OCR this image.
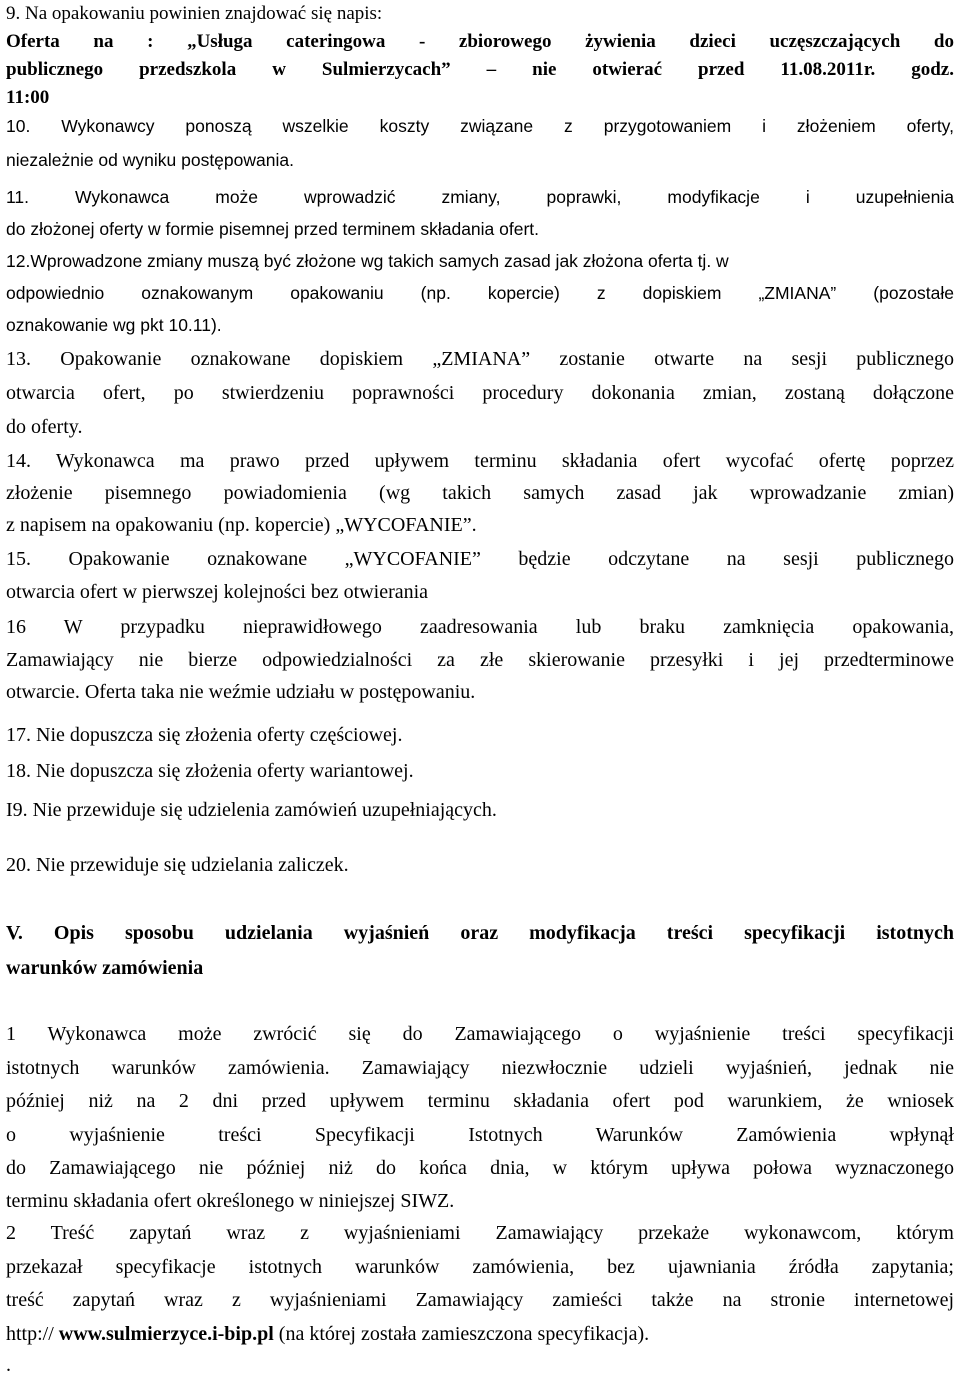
9. Na opakowaniu powinien znajdować się napis:
Oferta na : „Usługa cateringowa - zbiorowego żywienia dzieci uczęszczających do
publicznego przedszkola w Sulmierzycach” – nie otwierać przed 11.08.2011r. godz.
11:00
10. Wykonawcy ponoszą wszelkie koszty związane z przygotowaniem i złożeniem oferty,
niezależnie od wyniku postępowania.
11. Wykonawca może wprowadzić zmiany, poprawki, modyfikacje i uzupełnienia
do złożonej oferty w formie pisemnej przed terminem składania ofert.
12.Wprowadzone zmiany muszą być złożone wg takich samych zasad jak złożona oferta tj. w
odpowiednio oznakowanym opakowaniu (np. kopercie) z dopiskiem „ZMIANA” (pozostałe
oznakowanie wg pkt 10.11).
13. Opakowanie oznakowane dopiskiem „ZMIANA” zostanie otwarte na sesji publicznego
otwarcia ofert, po stwierdzeniu poprawności procedury dokonania zmian, zostaną dołączone
do oferty.
14. Wykonawca ma prawo przed upływem terminu składania ofert wycofać ofertę poprzez
złożenie pisemnego powiadomienia (wg takich samych zasad jak wprowadzanie zmian)
z napisem na opakowaniu (np. kopercie) „WYCOFANIE”.
15. Opakowanie oznakowane „WYCOFANIE” będzie odczytane na sesji publicznego
otwarcia ofert w pierwszej kolejności bez otwierania
16 W przypadku nieprawidłowego zaadresowania lub braku zamknięcia opakowania,
Zamawiający nie bierze odpowiedzialności za złe skierowanie przesyłki i jej przedterminowe
otwarcie. Oferta taka nie weźmie udziału w postępowaniu.
17. Nie dopuszcza się złożenia oferty częściowej.
18. Nie dopuszcza się złożenia oferty wariantowej.
I9. Nie przewiduje się udzielenia zamówień uzupełniających.
20. Nie przewiduje się udzielania zaliczek.
V. Opis sposobu udzielania wyjaśnień oraz modyfikacja treści specyfikacji istotnych
warunków zamówienia
1 Wykonawca może zwrócić się do Zamawiającego o wyjaśnienie treści specyfikacji
istotnych warunków zamówienia. Zamawiający niezwłocznie udzieli wyjaśnień, jednak nie
później niż na 2 dni przed upływem terminu składania ofert pod warunkiem, że wniosek
o wyjaśnienie treści Specyfikacji Istotnych Warunków Zamówienia wpłynął
do Zamawiającego nie później niż do końca dnia, w którym upływa połowa wyznaczonego
terminu składania ofert określonego w niniejszej SIWZ.
2 Treść zapytań wraz z wyjaśnieniami Zamawiający przekaże wykonawcom, którym
przekazał specyfikacje istotnych warunków zamówienia, bez ujawniania źródła zapytania;
treść zapytań wraz z wyjaśnieniami Zamawiający zamieści także na stronie internetowej
http:// www.sulmierzyce.i-bip.pl (na której została zamieszczona specyfikacja).
.
